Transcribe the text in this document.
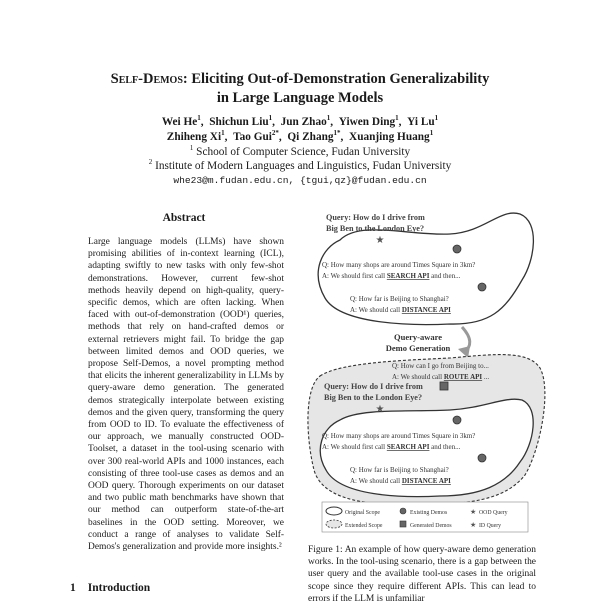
Self-Demos: Eliciting Out-of-Demonstration Generalizability
in Large Language Models
Wei He$^1$, Shichun Liu$^1$, Jun Zhao$^1$, Yiwen Ding$^1$, Yi Lu$^1$
Zhiheng Xi$^1$, Tao Gui$^{2*}$, Qi Zhang$^{1*}$, Xuanjing Huang$^1$
$^1$ School of Computer Science, Fudan University
$^2$ Institute of Modern Languages and Linguistics, Fudan University
whe23@m.fudan.edu.cn, {tgui,qz}@fudan.edu.cn
Abstract
Large language models (LLMs) have shown promising abilities of in-context learning (ICL), adapting swiftly to new tasks with only few-shot demonstrations. However, current few-shot methods heavily depend on high-quality, query-specific demos, which are often lacking. When faced with out-of-demonstration (OOD¹) queries, methods that rely on hand-crafted demos or external retrievers might fail. To bridge the gap between limited demos and OOD queries, we propose Self-Demos, a novel prompting method that elicits the inherent generalizability in LLMs by query-aware demo generation. The generated demos strategically interpolate between existing demos and the given query, transforming the query from OOD to ID. To evaluate the effectiveness of our approach, we manually constructed OOD-Toolset, a dataset in the tool-using scenario with over 300 real-world APIs and 1000 instances, each consisting of three tool-use cases as demos and an OOD query. Thorough experiments on our dataset and two public math benchmarks have shown that our method can outperform state-of-the-art baselines in the OOD setting. Moreover, we conduct a range of analyses to validate Self-Demos's generalization and provide more insights.²
1 Introduction
Query: How do I drive from
Big Ben to the London Eye?
★
Q: How many shops are around Times Square in 3km?
A: We should first call SEARCH API and then...
Q: How far is Beijing to Shanghai?
A: We should call DISTANCE API
Query-aware
Demo Generation
Q: How can I go from Beijing to...
A: We should call ROUTE API ...
Query: How do I drive from
Big Ben to the London Eye?
★
Q: How many shops are around Times Square in 3km?
A: We should first call SEARCH API and then...
Q: How far is Beijing to Shanghai?
A: We should call DISTANCE API
Original Scope	Existing Demos	★ OOD Query
Extended Scope	Generated Demos	★ ID Query
Figure 1: An example of how query-aware demo generation works. In the tool-using scenario, there is a gap between the user query and the available tool-use cases in the original scope since they require different APIs. This can lead to errors if the LLM is unfamiliar
